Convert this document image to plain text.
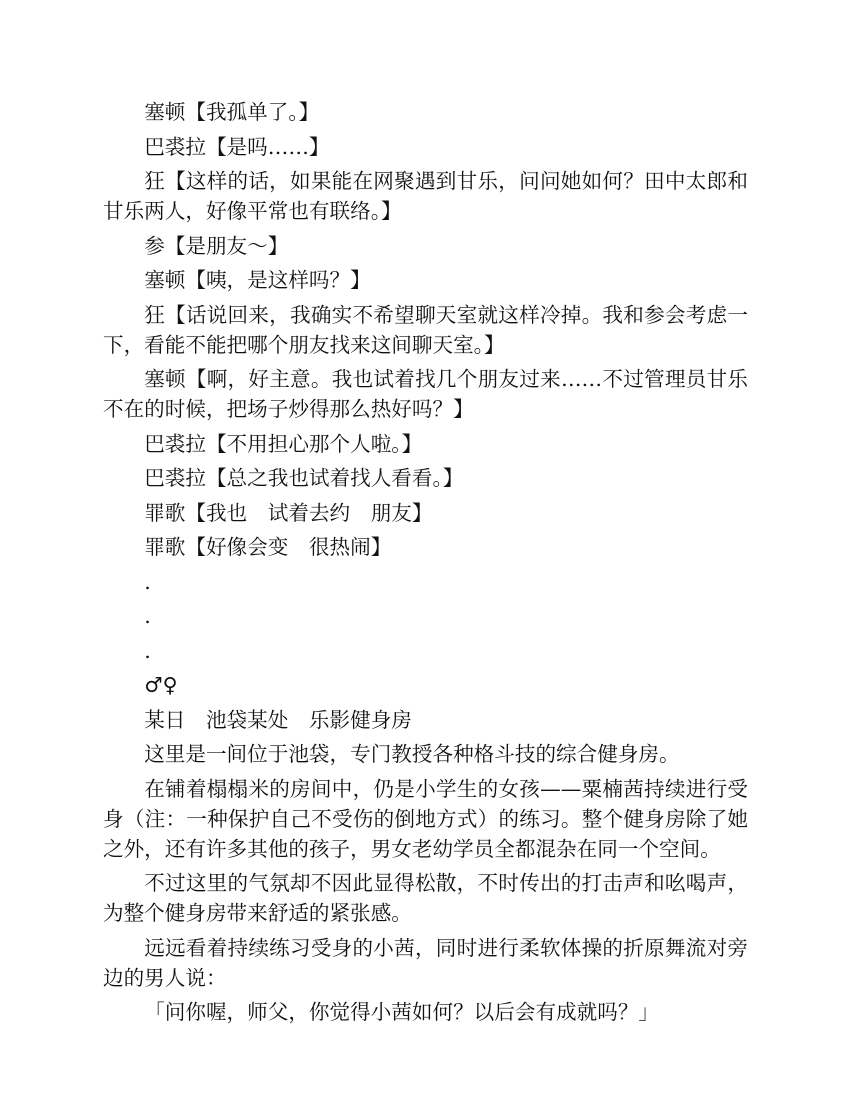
塞顿【我孤单了。】

巴裘拉【是吗……】

狂【这样的话，如果能在网聚遇到甘乐，问问她如何？田中太郎和甘乐两人，好像平常也有联络。】

参【是朋友～】

塞顿【咦，是这样吗？】

狂【话说回来，我确实不希望聊天室就这样冷掉。我和参会考虑一下，看能不能把哪个朋友找来这间聊天室。】

塞顿【啊，好主意。我也试着找几个朋友过来……不过管理员甘乐不在的时候，把场子炒得那么热好吗？】

巴裘拉【不用担心那个人啦。】

巴裘拉【总之我也试着找人看看。】

罪歌【我也　试着去约　朋友】

罪歌【好像会变　很热闹】

.

.

.

♂♀

某日　池袋某处　乐影健身房

这里是一间位于池袋，专门教授各种格斗技的综合健身房。

在铺着榻榻米的房间中，仍是小学生的女孩——粟楠茜持续进行受身（注：一种保护自己不受伤的倒地方式）的练习。整个健身房除了她之外，还有许多其他的孩子，男女老幼学员全都混杂在同一个空间。

不过这里的气氛却不因此显得松散，不时传出的打击声和吆喝声，为整个健身房带来舒适的紧张感。

远远看着持续练习受身的小茜，同时进行柔软体操的折原舞流对旁边的男人说：

「问你喔，师父，你觉得小茜如何？以后会有成就吗？」
